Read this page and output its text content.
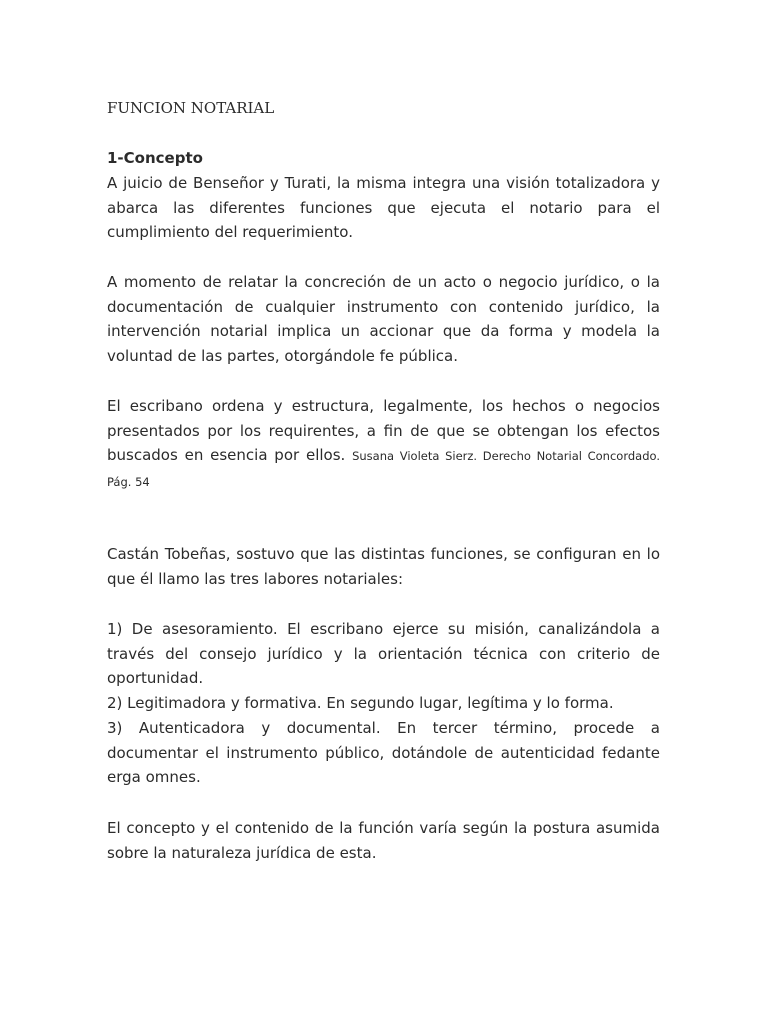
FUNCION NOTARIAL
1-Concepto
A juicio de Benseñor y Turati, la misma integra una visión totalizadora y abarca las diferentes funciones que ejecuta el notario para el cumplimiento del requerimiento.
A momento de relatar la concreción de un acto o negocio jurídico, o la documentación de cualquier instrumento con contenido jurídico, la intervención notarial implica un accionar que da forma y modela la voluntad de las partes, otorgándole fe pública.
El escribano ordena y estructura, legalmente, los hechos o negocios presentados por los requirentes, a fin de que se obtengan los efectos buscados en esencia por ellos. Susana Violeta Sierz. Derecho Notarial Concordado. Pág. 54
Castán Tobeñas, sostuvo que las distintas funciones, se configuran en lo que él llamo las tres labores notariales:
1) De asesoramiento. El escribano ejerce su misión, canalizándola a través del consejo jurídico y la orientación técnica con criterio de oportunidad.
2) Legitimadora y formativa. En segundo lugar, legítima y lo forma.
3) Autenticadora y documental. En tercer término, procede a documentar el instrumento público, dotándole de autenticidad fedante erga omnes.
El concepto y el contenido de la función varía según la postura asumida sobre la naturaleza jurídica de esta.
